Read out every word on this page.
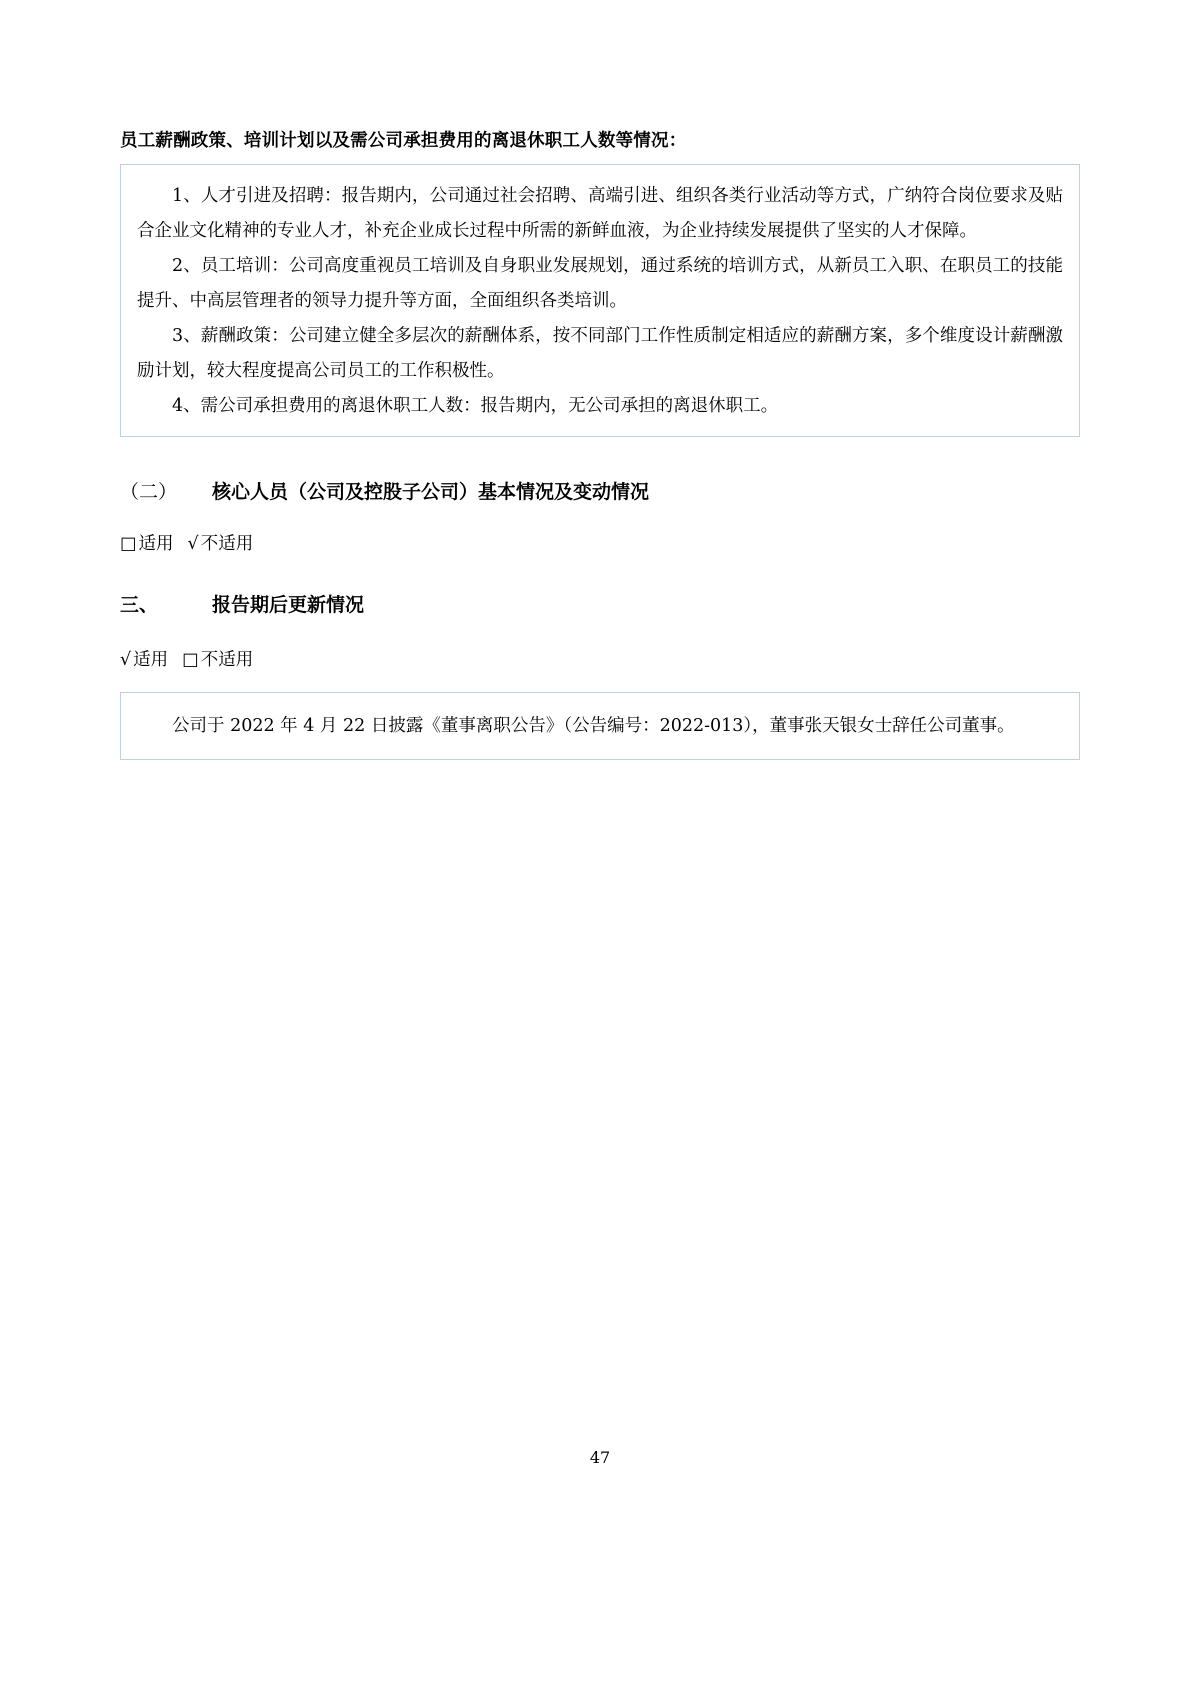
员工薪酬政策、培训计划以及需公司承担费用的离退休职工人数等情况：

1、人才引进及招聘：报告期内，公司通过社会招聘、高端引进、组织各类行业活动等方式，广纳符合岗位要求及贴合企业文化精神的专业人才，补充企业成长过程中所需的新鲜血液，为企业持续发展提供了坚实的人才保障。

2、员工培训：公司高度重视员工培训及自身职业发展规划，通过系统的培训方式，从新员工入职、在职员工的技能提升、中高层管理者的领导力提升等方面，全面组织各类培训。

3、薪酬政策：公司建立健全多层次的薪酬体系，按不同部门工作性质制定相适应的薪酬方案，多个维度设计薪酬激励计划，较大程度提高公司员工的工作积极性。

4、需公司承担费用的离退休职工人数：报告期内，无公司承担的离退休职工。

（二） 核心人员（公司及控股子公司）基本情况及变动情况
□ 适用 √ 不适用
三、	报告期后更新情况
√ 适用 □ 不适用

公司于 2022 年 4 月 22 日披露《董事离职公告》（公告编号：2022-013），董事张天银女士辞任公司董事。

47
